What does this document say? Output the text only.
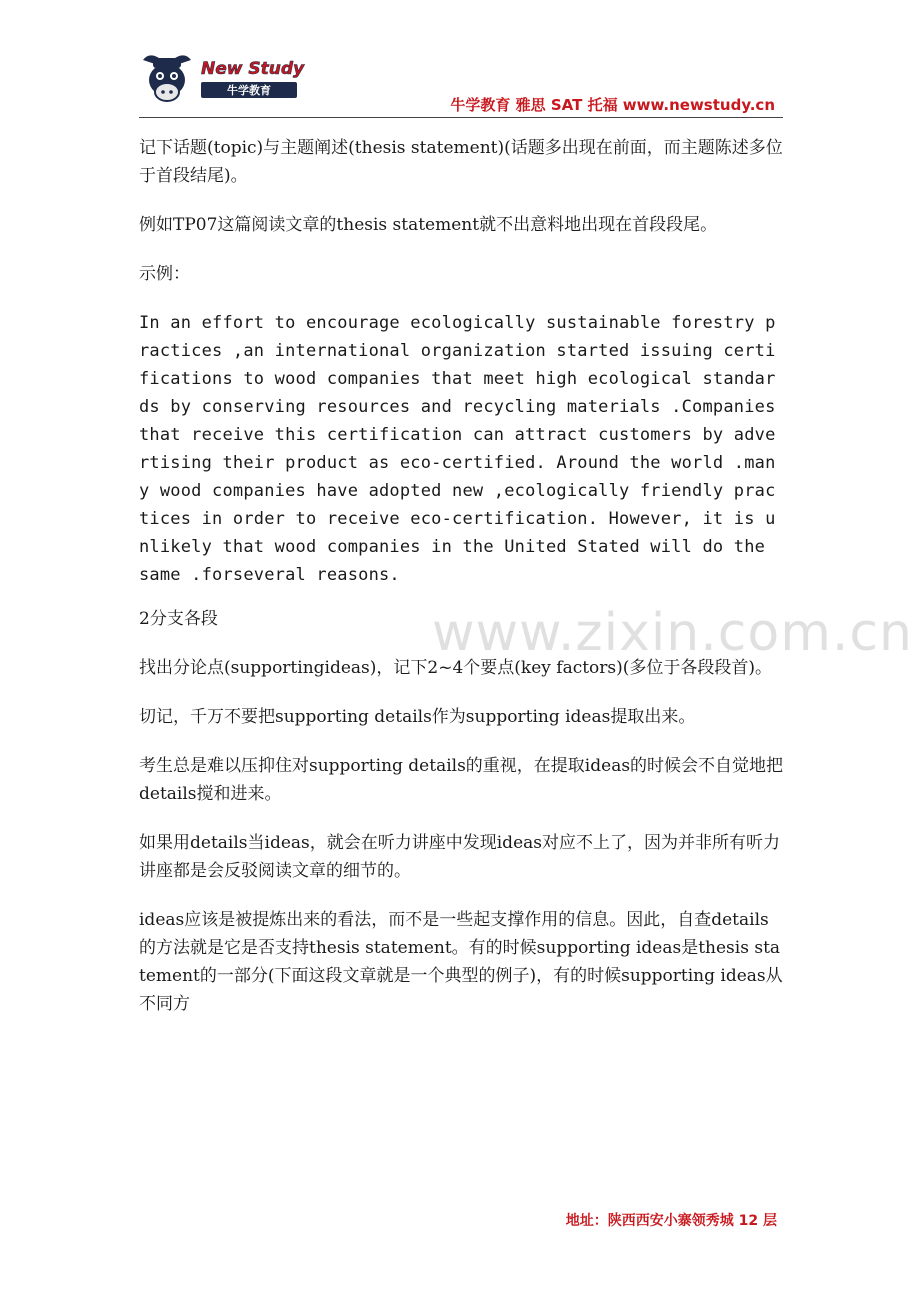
New Study
牛学教育

牛学教育 雅思 SAT 托福 www.newstudy.cn

记下话题(topic)与主题阐述(thesis statement)(话题多出现在前面，而主题陈述多位于首段结尾)。

例如TP07这篇阅读文章的thesis statement就不出意料地出现在首段段尾。

示例：

In an effort to encourage ecologically sustainable forestry practices ,an international organization started issuing certifications to wood companies that meet high ecological standards by conserving resources and recycling materials .Companies that receive this certification can attract customers by advertising their product as eco-certified. Around the world .many wood companies have adopted new ,ecologically friendly practices in order to receive eco-certification. However, it is unlikely that wood companies in the United Stated will do the same .forseveral reasons.

2分支各段

找出分论点(supportingideas)，记下2~4个要点(key factors)(多位于各段段首)。

切记，千万不要把supporting details作为supporting ideas提取出来。

考生总是难以压抑住对supporting details的重视，在提取ideas的时候会不自觉地把details搅和进来。

如果用details当ideas，就会在听力讲座中发现ideas对应不上了，因为并非所有听力讲座都是会反驳阅读文章的细节的。

ideas应该是被提炼出来的看法，而不是一些起支撑作用的信息。因此，自查details的方法就是它是否支持thesis statement。有的时候supporting ideas是thesis statement的一部分(下面这段文章就是一个典型的例子)，有的时候supporting ideas从不同方

www.zixin.com.cn

地址：陕西西安小寨领秀城 12 层
